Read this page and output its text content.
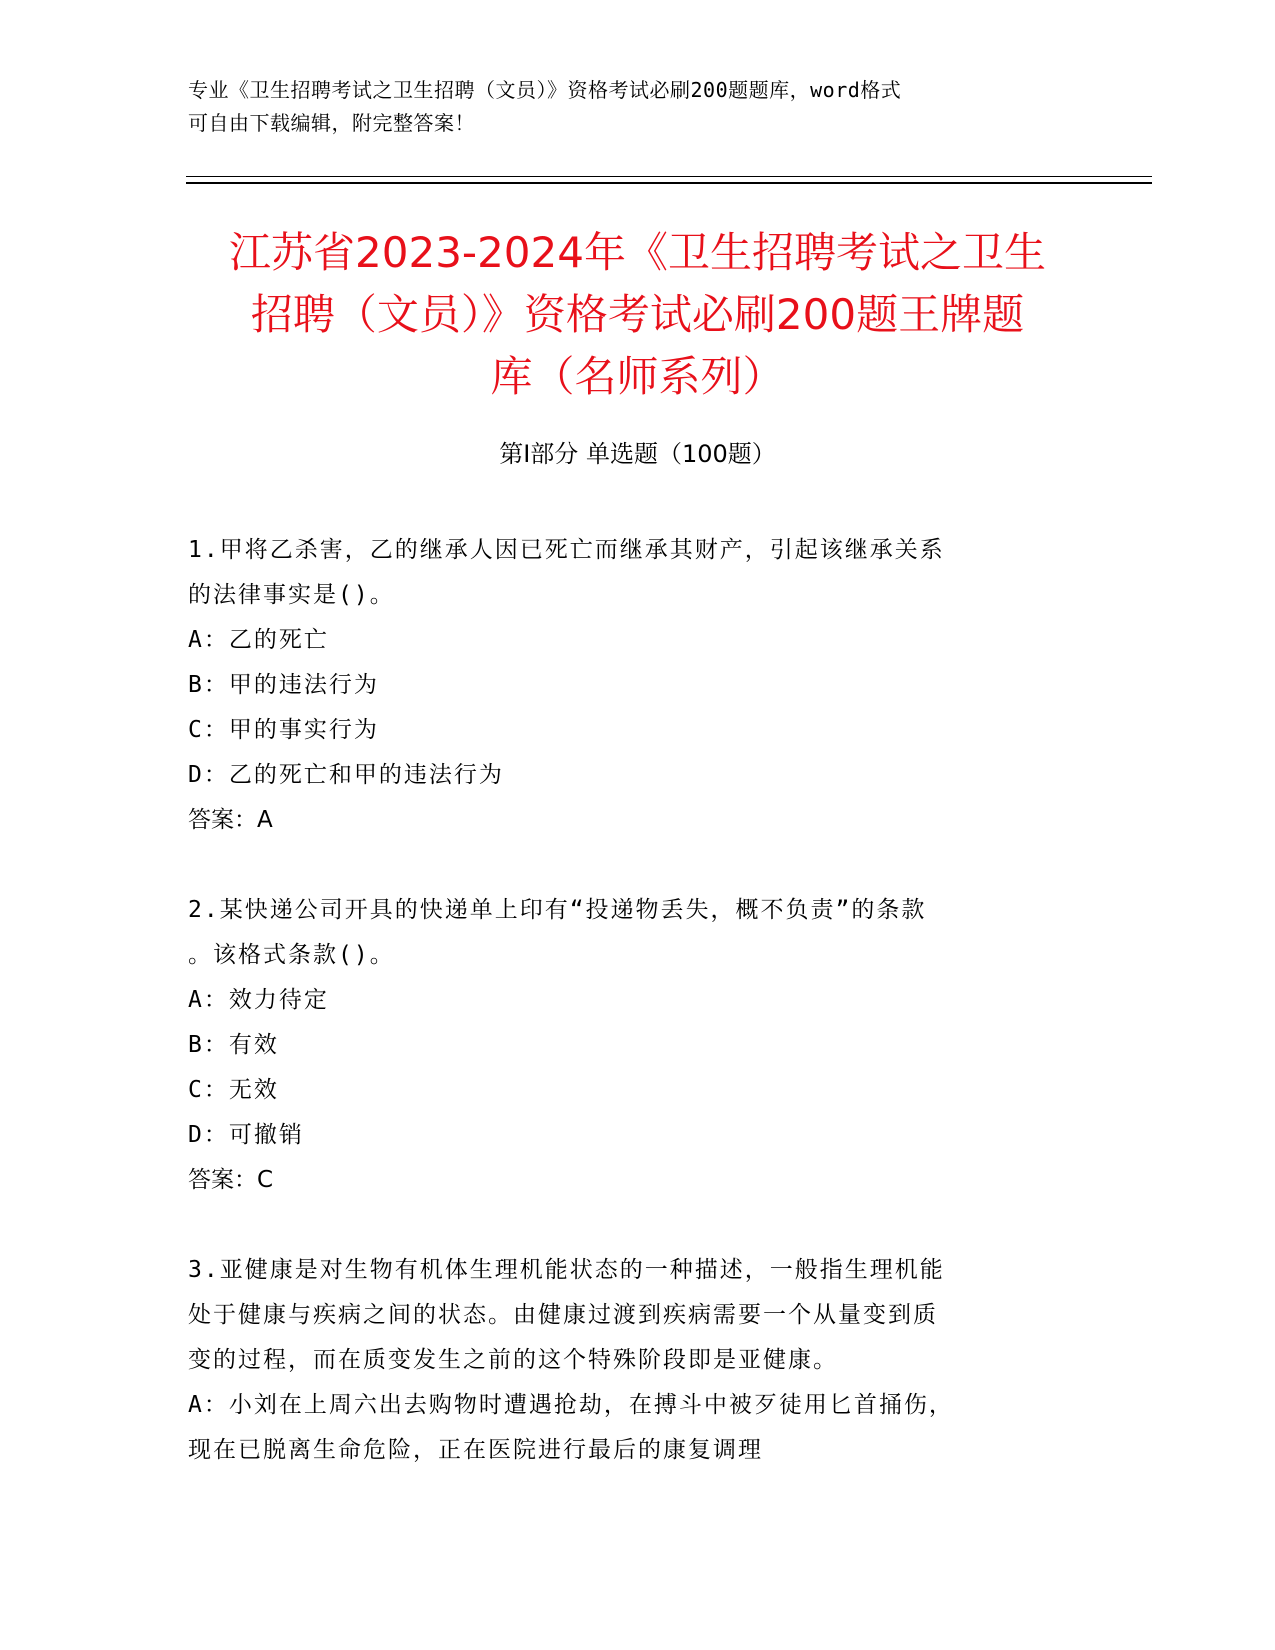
专业《卫生招聘考试之卫生招聘（文员）》资格考试必刷200题题库，word格式
可自由下载编辑，附完整答案！
江苏省2023-2024年《卫生招聘考试之卫生
招聘（文员）》资格考试必刷200题王牌题
库（名师系列）
第Ⅰ部分 单选题（100题）
1.甲将乙杀害，乙的继承人因已死亡而继承其财产，引起该继承关系
的法律事实是()。
A：乙的死亡
B：甲的违法行为
C：甲的事实行为
D：乙的死亡和甲的违法行为
答案：A
2.某快递公司开具的快递单上印有“投递物丢失，概不负责”的条款
。该格式条款()。
A：效力待定
B：有效
C：无效
D：可撤销
答案：C
3.亚健康是对生物有机体生理机能状态的一种描述，一般指生理机能
处于健康与疾病之间的状态。由健康过渡到疾病需要一个从量变到质
变的过程，而在质变发生之前的这个特殊阶段即是亚健康。
A：小刘在上周六出去购物时遭遇抢劫，在搏斗中被歹徒用匕首捅伤，
现在已脱离生命危险，正在医院进行最后的康复调理
